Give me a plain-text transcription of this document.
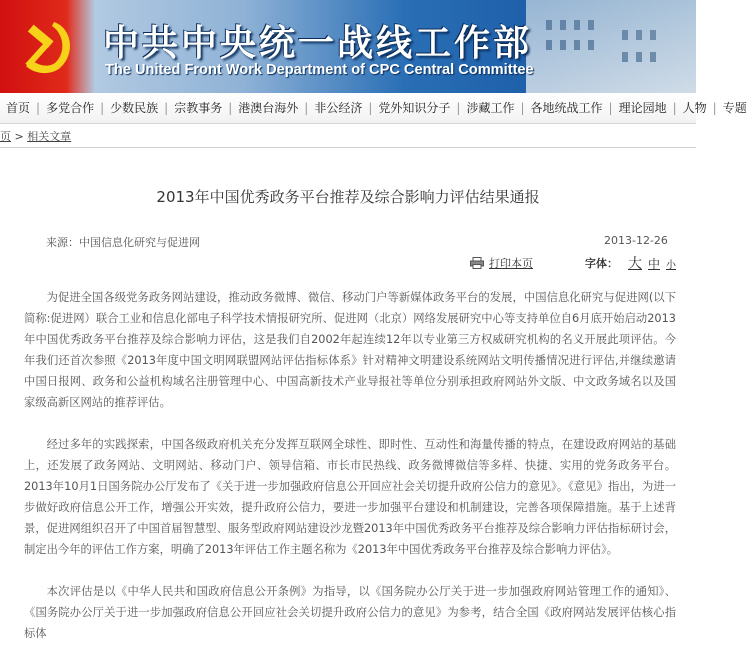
中共中央统一战线工作部
The United Front Work Department of CPC Central Committee
首页 | 多党合作 | 少数民族 | 宗教事务 | 港澳台海外 | 非公经济 | 党外知识分子 | 涉藏工作 | 各地统战工作 | 理论园地 | 人物 | 专题
页 > 相关文章
2013年中国优秀政务平台推荐及综合影响力评估结果通报
来源：中国信息化研究与促进网	2013-12-26
打印本页	字体： 大 中 小

为促进全国各级党务政务网站建设，推动政务微博、微信、移动门户等新媒体政务平台的发展，中国信息化研究与促进网(以下简称:促进网）联合工业和信息化部电子科学技术情报研究所、促进网（北京）网络发展研究中心等支持单位自6月底开始启动2013年中国优秀政务平台推荐及综合影响力评估，这是我们自2002年起连续12年以专业第三方权威研究机构的名义开展此项评估。今年我们还首次参照《2013年度中国文明网联盟网站评估指标体系》针对精神文明建设系统网站文明传播情况进行评估,并继续邀请中国日报网、政务和公益机构域名注册管理中心、中国高新技术产业导报社等单位分别承担政府网站外文版、中文政务域名以及国家级高新区网站的推荐评估。

经过多年的实践探索，中国各级政府机关充分发挥互联网全球性、即时性、互动性和海量传播的特点，在建设政府网站的基础上，还发展了政务网站、文明网站、移动门户、领导信箱、市长市民热线、政务微博微信等多样、快捷、实用的党务政务平台。2013年10月1日国务院办公厅发布了《关于进一步加强政府信息公开回应社会关切提升政府公信力的意见》。《意见》指出，为进一步做好政府信息公开工作，增强公开实效，提升政府公信力，要进一步加强平台建设和机制建设，完善各项保障措施。基于上述背景，促进网组织召开了中国首届智慧型、服务型政府网站建设沙龙暨2013年中国优秀政务平台推荐及综合影响力评估指标研讨会，制定出今年的评估工作方案，明确了2013年评估工作主题名称为《2013年中国优秀政务平台推荐及综合影响力评估》。

本次评估是以《中华人民共和国政府信息公开条例》为指导，以《国务院办公厅关于进一步加强政府网站管理工作的通知》、《国务院办公厅关于进一步加强政府信息公开回应社会关切提升政府公信力的意见》为参考，结合全国《政府网站发展评估核心指标体
